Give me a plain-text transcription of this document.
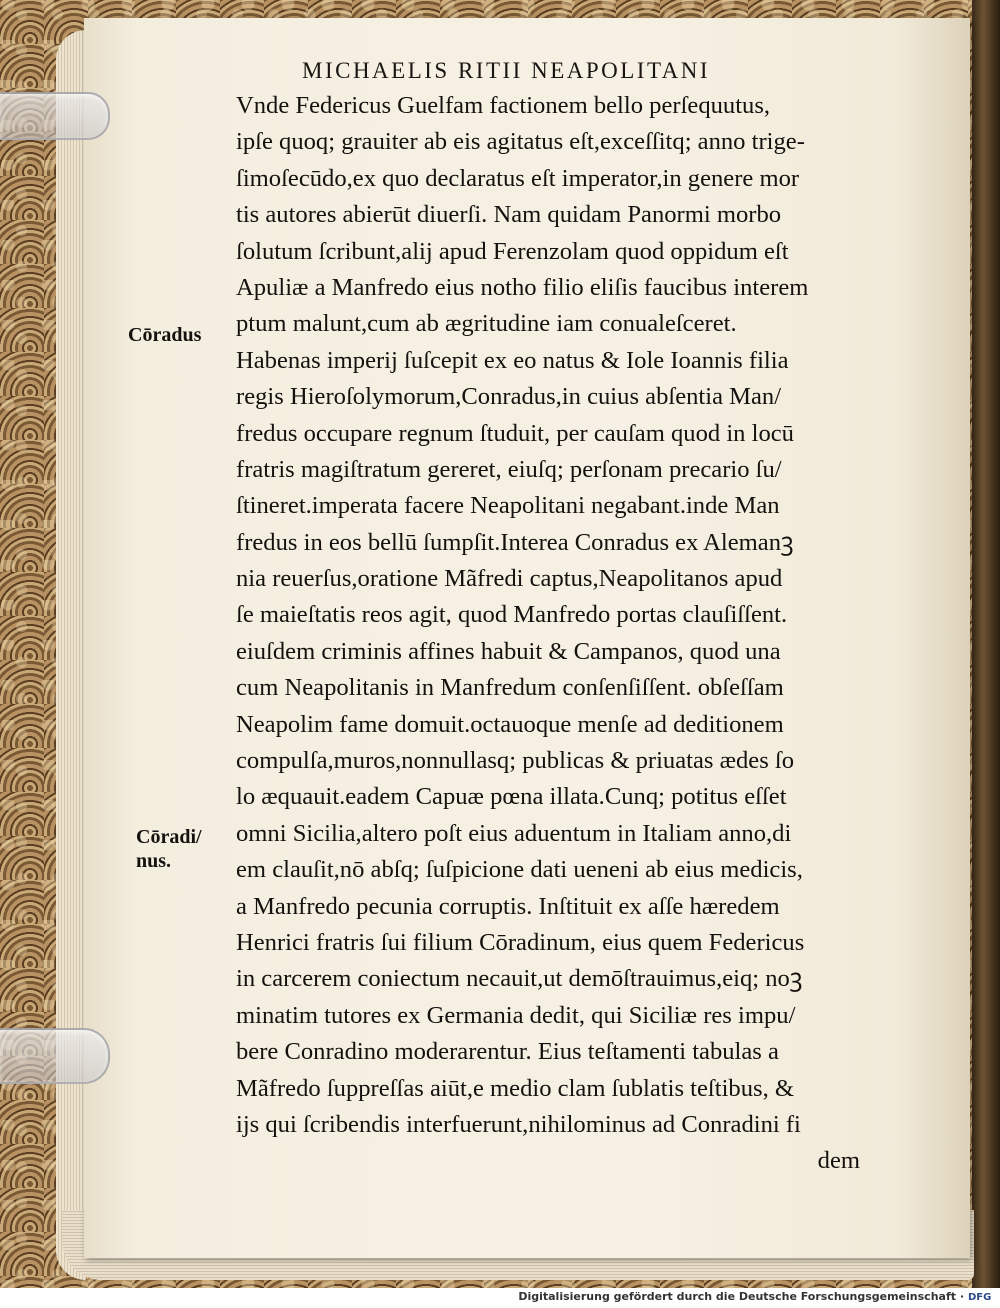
MICHAELIS RITII NEAPOLITANI
Cōradus
Cōradi/
nus.
Vnde Federicus Guelfam factionem bello perſequutus,
ipſe quoq; grauiter ab eis agitatus eſt,exceſſitq; anno trige-
ſimoſecūdo,ex quo declaratus eſt imperator,in genere mor
tis autores abierūt diuerſi. Nam quidam Panormi morbo
ſolutum ſcribunt,alij apud Ferenzolam quod oppidum eſt
Apuliæ a Manfredo eius notho filio eliſis faucibus interem
ptum malunt,cum ab ægritudine iam conualeſceret.
Habenas imperij ſuſcepit ex eo natus & Iole Ioannis filia
regis Hieroſolymorum,Conradus,in cuius abſentia Man/
fredus occupare regnum ſtuduit, per cauſam quod in locū
fratris magiſtratum gereret, eiuſq; perſonam precario ſu/
ſtineret.imperata facere Neapolitani negabant.inde Man
fredus in eos bellū ſumpſit.Interea Conradus ex Alemanꝫ
nia reuerſus,oratione Mãfredi captus,Neapolitanos apud
ſe maieſtatis reos agit, quod Manfredo portas clauſiſſent.
eiuſdem criminis affines habuit & Campanos, quod una
cum Neapolitanis in Manfredum conſenſiſſent. obſeſſam
Neapolim fame domuit.octauoque menſe ad deditionem
compulſa,muros,nonnullasq; publicas & priuatas ædes ſo
lo æquauit.eadem Capuæ pœna illata.Cunq; potitus eſſet
omni Sicilia,altero poſt eius aduentum in Italiam anno,di
em clauſit,nō abſq; ſuſpicione dati ueneni ab eius medicis,
a Manfredo pecunia corruptis. Inſtituit ex aſſe hæredem
Henrici fratris ſui filium Cōradinum, eius quem Federicus
in carcerem coniectum necauit,ut demōſtrauimus,eiq; noꝫ
minatim tutores ex Germania dedit, qui Siciliæ res impu/
bere Conradino moderarentur. Eius teſtamenti tabulas a
Mãfredo ſuppreſſas aiūt,e medio clam ſublatis teſtibus, &
ijs qui ſcribendis interfuerunt,nihilominus ad Conradini fi
dem
Digitalisierung gefördert durch die Deutsche Forschungsgemeinschaft · DFG
